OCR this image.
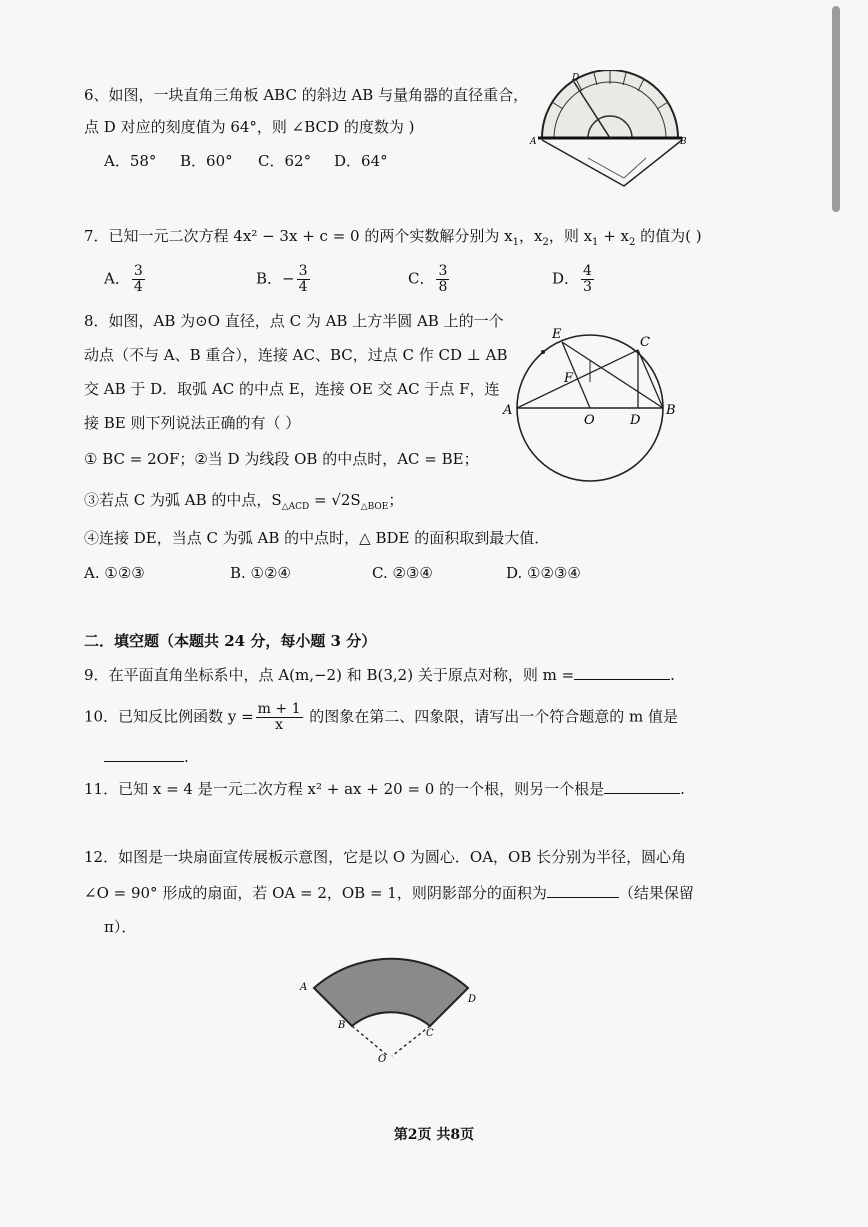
6、如图，一块直角三角板 ABC 的斜边 AB 与量角器的直径重合，
点 D 对应的刻度值为 64°，则 ∠BCD 的度数为 )
A．58° B．60° C．62° D．64°
D
A	B
7．已知一元二次方程 4x² − 3x + c = 0 的两个实数解分别为 $x_1$，$x_2$，则 $x_1 + x_2$ 的值为( )
A． $\frac{3}{4}$	B．− $\frac{3}{4}$	C． $\frac{3}{8}$	D． $\frac{4}{3}$
8．如图，AB 为⊙O 直径，点 C 为 AB 上方半圆 AB 上的一个
动点（不与 A、B 重合），连接 AC、BC，过点 C 作 CD ⊥ AB
交 AB 于 D．取弧 AC 的中点 E，连接 OE 交 AC 于点 F，连
接 BE 则下列说法正确的有（ ）
① BC = 2OF；②当 D 为线段 OB 的中点时，AC = BE；
③若点 C 为弧 AB 的中点，$S_{\triangle ACD} = √2S_{\triangle BOE}$；
④连接 DE，当点 C 为弧 AB 的中点时，△ BDE 的面积取到最大值．
A. ①②③	B. ①②④	C. ②③④	D. ①②③④
E
C
F
A
O	D
B
二．填空题（本题共 24 分，每小题 3 分）
9．在平面直角坐标系中，点 A(m,−2) 和 B(3,2) 关于原点对称，则 m =	.
10．已知反比例函数 $y = \frac{m + 1}{x}$ 的图象在第二、四象限，请写出一个符合题意的 m 值是
.
11．已知 x = 4 是一元二次方程 x² + ax + 20 = 0 的一个根，则另一个根是	.
12．如图是一块扇面宣传展板示意图，它是以 O 为圆心．OA，OB 长分别为半径，圆心角
∠O = 90° 形成的扇面，若 OA = 2，OB = 1，则阴影部分的面积为	（结果保留
π）．
A
B
C
D
O
第2页 共8页
